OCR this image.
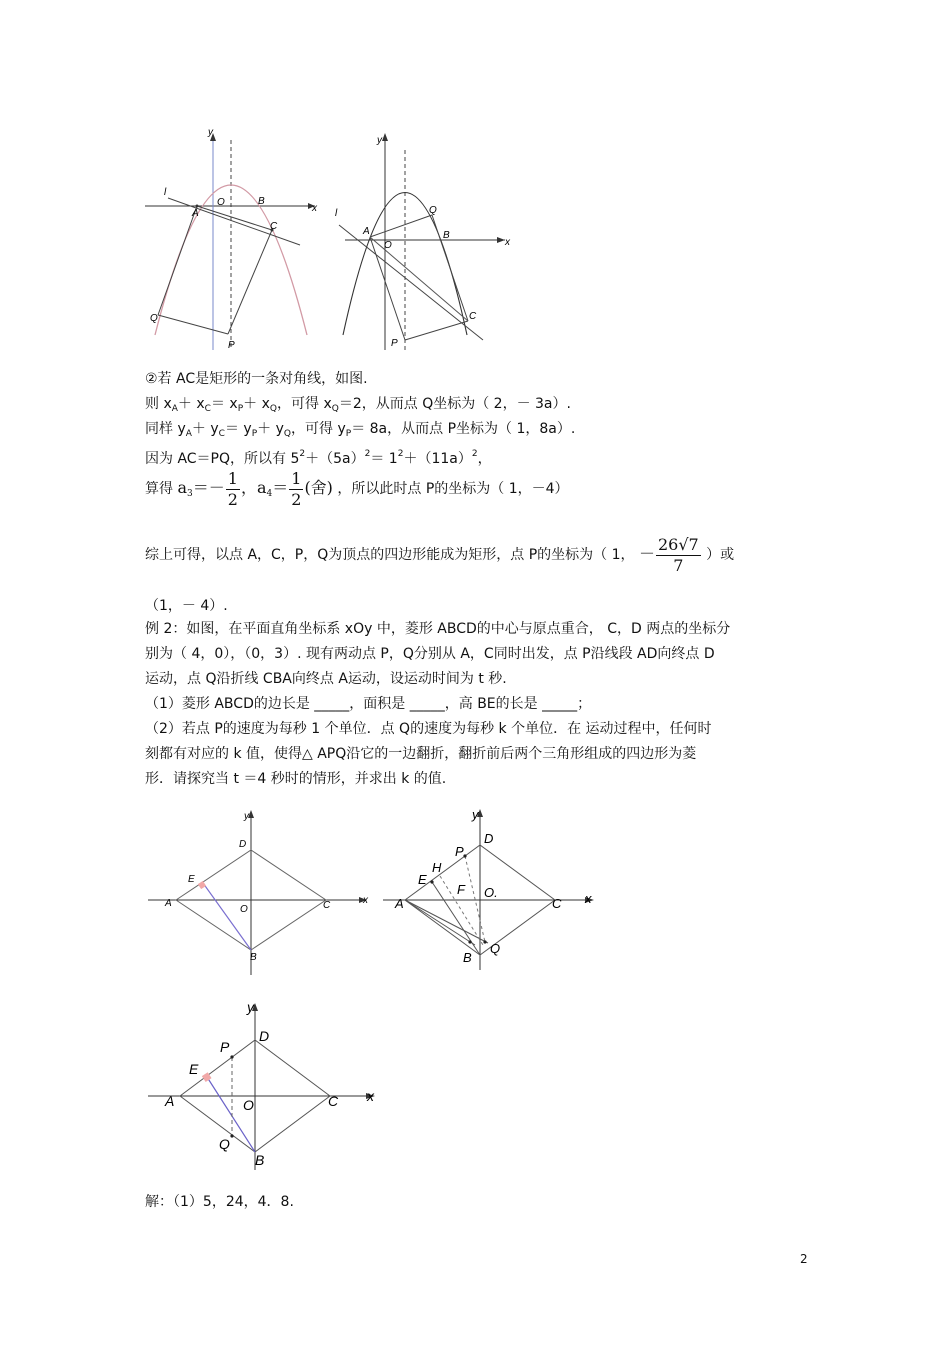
y
x
l
A
O	B
C
Q
P
y
x
l
A
O
Q
B
C
P
②若 AC是矩形的一条对角线，如图.
则 $x_A+ x_C= x_P+ x_Q$，可得 $x_Q=2$，从而点 Q坐标为（ 2，－ 3a）.
同样 $y_A+ y_C= y_P+ y_Q$，可得 $y_P= 8a$，从而点 P坐标为（ 1，8a）.
因为 AC＝PQ，所以有 $5^2+(5a)^2= 1^2+(11a)^2$，
算得 $a_3=- \frac{1}{2}$ ，$a_4= \frac{1}{2}$ (舍) ，所以此时点 P的坐标为（ 1，－4）
综上可得，以点 A，C，P，Q为顶点的四边形能成为矩形，点 P的坐标为（ 1， － $\frac{26√7}{7}$ ）或
（1，－ 4）.
例 2：如图，在平面直角坐标系 xOy 中，菱形 ABCD的中心与原点重合， C，D 两点的坐标分
别为（ 4，0），（0，3）. 现有两动点 P，Q分别从 A，C同时出发，点 P沿线段 AD向终点 D
运动，点 Q沿折线 CBA向终点 A运动，设运动时间为 t 秒.
（1）菱形 ABCD的边长是 _____，面积是 _____，高 BE的长是 _____；
（2）若点 P的速度为每秒 1 个单位．点 Q的速度为每秒 k 个单位．在 运动过程中，任何时
刻都有对应的 k 值，使得△ APQ沿它的一边翻折，翻折前后两个三角形组成的四边形为菱
形．请探究当 t ＝4 秒时的情形，并求出 k 的值.
y
x
D
E
A
O	C
B
y
x
D
P
H
E
F O.
A	C
Q
B
y
x
D
P
E
A	O	C
Q
B
解：（1）5，24，4．8.
2
